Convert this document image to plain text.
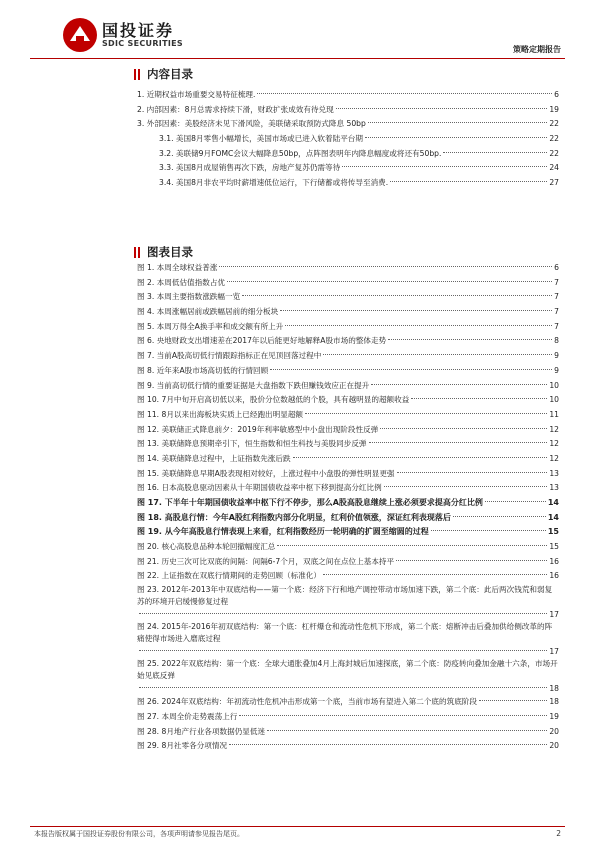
国投证券
SDIC SECURITIES
策略定期报告
内容目录
1. 近期权益市场重要交易特征梳理.	6
2. 内部因素：8月总需求持续下滑，财政扩张成效有待兑现	19
3. 外部因素：美股经济未见下滑风险，美联储采取预防式降息 50bp	22
3.1. 美国8月零售小幅增长，美国市场或已进入软着陆平台期	22
3.2. 美联储9月FOMC会议大幅降息50bp，点阵图表明年内降息幅度或将还有50bp.	22
3.3. 美国8月成屋销售再次下跌，房地产复苏仍需等待	24
3.4. 美国8月非农平均时薪增速低位运行，下行储蓄或将传导至消费.	27
图表目录
图 1. 本周全球权益普涨	6
图 2. 本周低估值指数占优	7
图 3. 本周主要指数涨跌幅一览	7
图 4. 本周涨幅居前或跌幅居前的细分板块	7
图 5. 本周万得全A换手率和成交额有所上升	7
图 6. 央地财政支出增速差在2017年以后能更好地解释A股市场的整体走势	8
图 7. 当前A股高切低行情跟踪指标正在见顶回落过程中	9
图 8. 近年来A股市场高切低的行情回顾	9
图 9. 当前高切低行情的重要证据是大盘指数下跌但赚钱效应正在提升	10
图 10. 7月中旬开启高切低以来，股价分位数越低的个股，具有越明显的超额收益	10
图 11. 8月以来出海板块实质上已经跑出明显超额	11
图 12. 美联储正式降息前夕：2019年利率敏感型中小盘出现阶段性反弹	12
图 13. 美联储降息预期牵引下，恒生指数和恒生科技与美股同步反弹	12
图 14. 美联储降息过程中，上证指数先涨后跌	12
图 15. 美联储降息早期A股表现相对较好，上涨过程中小盘股的弹性明显更强	13
图 16. 日本高股息驱动因素从十年期国债收益率中枢下移到提高分红比例	13
图 17. 下半年十年期国债收益率中枢下行不停步，那么A股高股息继续上涨必须要求提高分红比例	14
图 18. 高股息行情：今年A股红利指数内部分化明显，红利价值领涨，深证红利表现落后	14
图 19. 从今年高股息行情表现上来看，红利指数经历一轮明确的扩圆至缩圆的过程	15
图 20. 核心高股息品种本轮回撤幅度汇总	15
图 21. 历史三次可比双底的间隔：间隔6-7个月，双底之间在点位上基本持平	16
图 22. 上证指数在双底行情期间的走势回顾（标准化）	16
图 23. 2012年-2013年中双底结构——第一个底：经济下行和地产调控带动市场加速下跌，第二个底：此后两次钱荒和弱复苏的环境开启缓慢修复过程
17
图 24. 2015年-2016年初双底结构：第一个底：杠杆爆仓和流动性危机下形成，第二个底：熔断冲击后叠加供给侧改革的阵痛使得市场进入磨底过程
17
图 25. 2022年双底结构：第一个底：全球大通胀叠加4月上海封城后加速探底，第二个底：防疫转向叠加金融十六条，市场开始见底反弹
18
图 26. 2024年双底结构：年初流动性危机冲击形成第一个底，当前市场有望进入第二个底的筑底阶段	18
图 27. 本周全价走势震荡上行	19
图 28. 8月地产行业各项数据仍显低迷	20
图 29. 8月社零各分项情况	20
本报告版权属于国投证券股份有限公司，各项声明请参见报告尾页。	2
